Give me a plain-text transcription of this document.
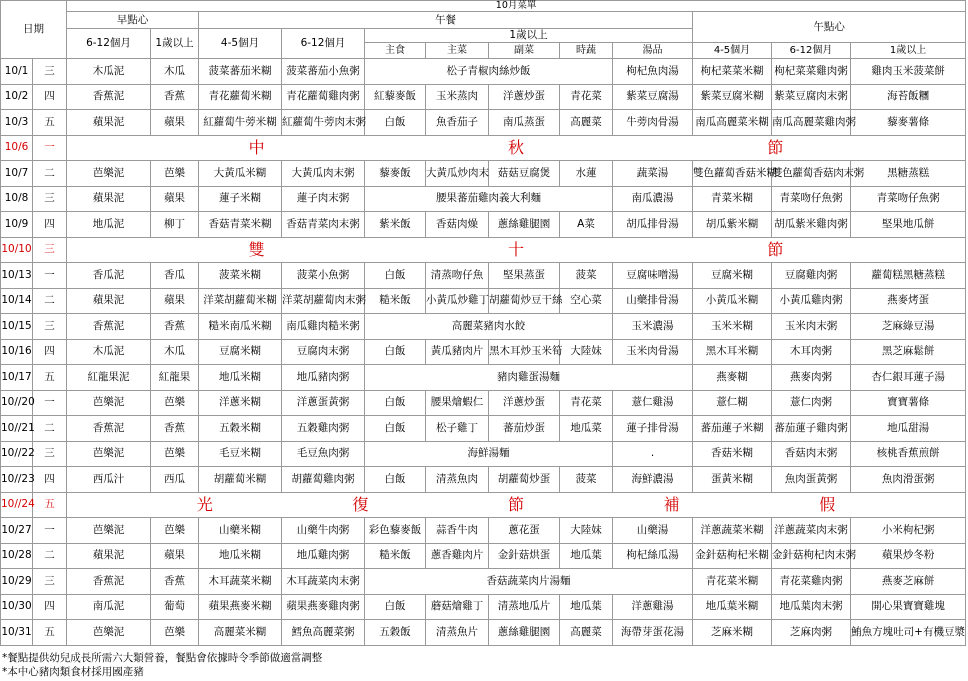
日期		10月菜單											
		早點心		午餐							午點心		
		6-12個月	1歲以上	4-5個月	6-12個月	1歲以上							
						主食	主菜	副菜	時蔬	湯品	4-5個月	6-12個月	1歲以上
10/1	三	木瓜泥	木瓜	菠菜蕃茄米糊	菠菜蕃茄小魚粥	松子青椒肉絲炒飯				枸杞魚肉湯	枸杞菜菜米糊	枸杞菜菜雞肉粥	雞肉玉米菠菜餅
10/2	四	香蕉泥	香蕉	青花蘿蔔米糊	青花蘿蔔雞肉粥	紅藜麥飯	玉米蒸肉	洋蔥炒蛋	青花菜	紫菜豆腐湯	紫菜豆腐米糊	紫菜豆腐肉末粥	海苔飯糰
10/3	五	蘋果泥	蘋果	紅蘿蔔牛蒡米糊	紅蘿蔔牛蒡肉末粥	白飯	魚香茄子	南瓜蒸蛋	高麗菜	牛蒡肉骨湯	南瓜高麗菜米糊	南瓜高麗菜雞肉粥	藜麥薯條
10/6	一	中 秋 節											

10/7	二	芭樂泥	芭樂	大黃瓜米糊	大黃瓜肉末粥	藜麥飯	大黃瓜炒肉末	菇菇豆腐煲	水蓮	蔬菜湯	雙色蘿蔔香菇米糊	雙色蘿蔔香菇肉末粥	黑糖蒸糕
10/8	三	蘋果泥	蘋果	蓮子米糊	蓮子肉末粥	腰果蕃茄雞肉義大利麵				南瓜濃湯	青菜米糊	青菜吻仔魚粥	青菜吻仔魚粥
10/9	四	地瓜泥	柳丁	香菇青菜米糊	香菇青菜肉末粥	紫米飯	香菇肉燥	蔥絲雞腿園	A菜	胡瓜排骨湯	胡瓜紫米糊	胡瓜紫米雞肉粥	堅果地瓜餅
10/10	三	雙 十 節											

10/13	一	香瓜泥	香瓜	菠菜米糊	菠菜小魚粥	白飯	清蒸吻仔魚	堅果蒸蛋	菠菜	豆腐味噌湯	豆腐米糊	豆腐雞肉粥	蘿蔔糕黑糖蒸糕
10/14	二	蘋果泥	蘋果	洋菜胡蘿蔔米糊	洋菜胡蘿蔔肉末粥	糙米飯	小黃瓜炒雞丁	胡蘿蔔炒豆干絲	空心菜	山藥排骨湯	小黃瓜米糊	小黃瓜雞肉粥	燕麥烤蛋
10/15	三	香蕉泥	香蕉	糙米南瓜米糊	南瓜雞肉糙米粥	高麗菜豬肉水餃				玉米濃湯	玉米米糊	玉米肉末粥	芝麻綠豆湯
10/16	四	木瓜泥	木瓜	豆腐米糊	豆腐肉末粥	白飯	黃瓜豬肉片	黑木耳炒玉米筍	大陸妹	玉米肉骨湯	黑木耳米糊	木耳肉粥	黑芝麻鬆餅
10/17	五	紅龍果泥	紅龍果	地瓜米糊	地瓜豬肉粥	豬肉雞蛋湯麵					燕麥糊	燕麥肉粥	杏仁銀耳蓮子湯
10//20	一	芭樂泥	芭樂	洋蔥米糊	洋蔥蛋黃粥	白飯	腰果燴蝦仁	洋蔥炒蛋	青花菜	薏仁雞湯	薏仁糊	薏仁肉粥	寶寶薯條
10//21	二	香蕉泥	香蕉	五穀米糊	五穀雞肉粥	白飯	松子雞丁	蕃茄炒蛋	地瓜菜	蓮子排骨湯	蕃茄蓮子米糊	蕃茄蓮子雞肉粥	地瓜甜湯
10//22	三	芭樂泥	芭樂	毛豆米糊	毛豆魚肉粥	海鮮湯麵				.	香菇米糊	香菇肉末粥	核桃香蕉煎餅
10//23	四	西瓜汁	西瓜	胡蘿蔔米糊	胡蘿蔔雞肉粥	白飯	清蒸魚肉	胡蘿蔔炒蛋	菠菜	海鮮濃湯	蛋黃米糊	魚肉蛋黃粥	魚肉滑蛋粥
10//24	五	光 復 節 補 假											

10/27	一	芭樂泥	芭樂	山藥米糊	山藥牛肉粥	彩色藜麥飯	蒜香牛肉	蔥花蛋	大陸妹	山藥湯	洋蔥蔬菜米糊	洋蔥蔬菜肉末粥	小米枸杞粥
10/28	二	蘋果泥	蘋果	地瓜米糊	地瓜雞肉粥	糙米飯	蔥香雞肉片	金針菇烘蛋	地瓜葉	枸杞絲瓜湯	金針菇枸杞米糊	金針菇枸杞肉末粥	蘋果炒冬粉
10/29	三	香蕉泥	香蕉	木耳蔬菜米糊	木耳蔬菜肉末粥	香菇蔬菜肉片湯麵					青花菜米糊	青花菜雞肉粥	燕麥芝麻餅
10/30	四	南瓜泥	葡萄	蘋果燕麥米糊	蘋果燕麥雞肉粥	白飯	蘑菇燴雞丁	清蒸地瓜片	地瓜葉	洋蔥雞湯	地瓜葉米糊	地瓜葉肉末粥	開心果寶寶雞塊
10/31	五	芭樂泥	芭樂	高麗菜米糊	鱈魚高麗菜粥	五穀飯	清蒸魚片	蔥絲雞腿園	高麗菜	海帶芽蛋花湯	芝麻米糊	芝麻肉粥	鮪魚方塊吐司+有機豆漿
*餐點提供幼兒成長所需六大類營養，餐點會依據時令季節做適當調整
*本中心豬肉類食材採用國產豬
